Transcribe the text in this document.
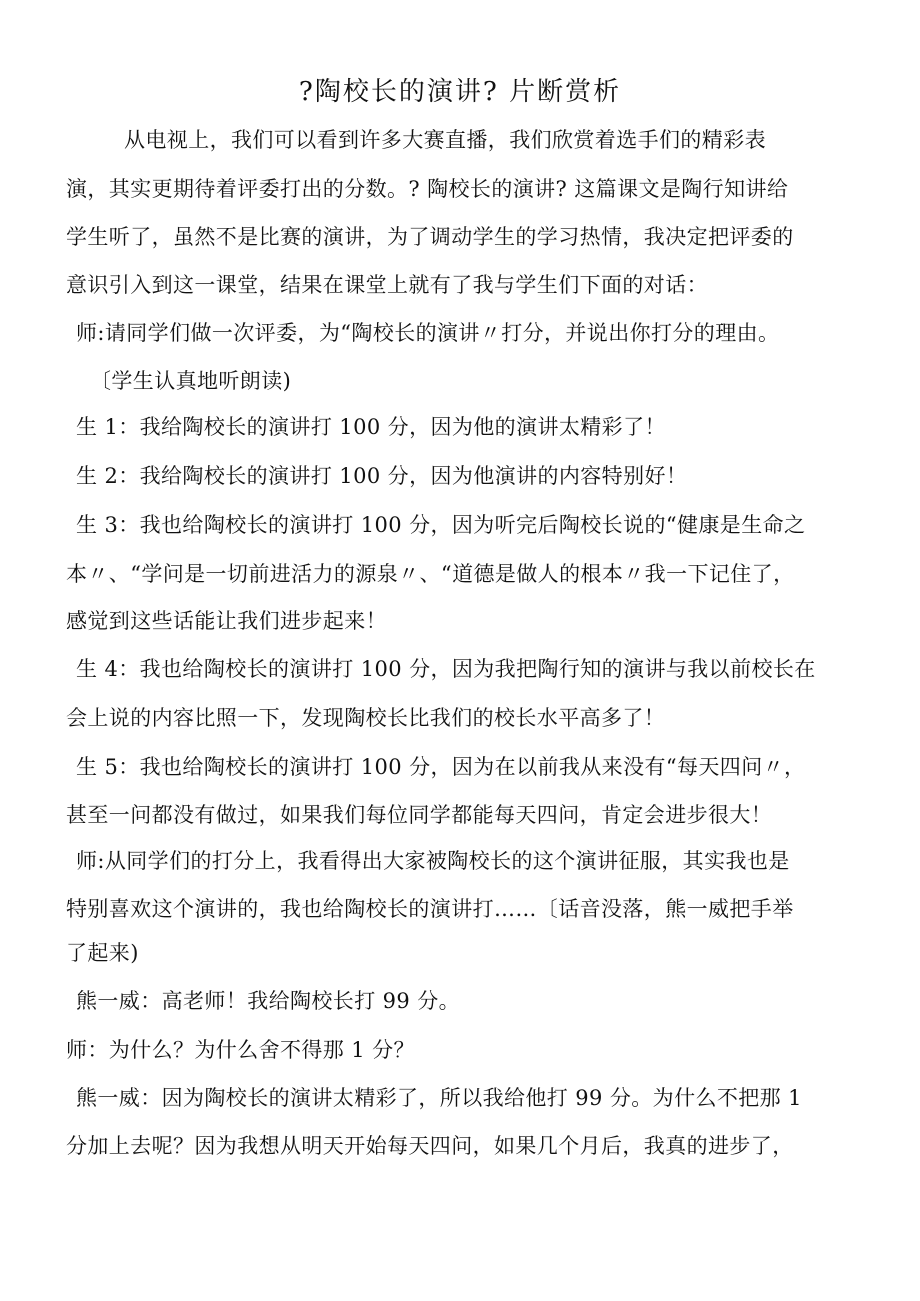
?陶校长的演讲? 片断赏析
从电视上，我们可以看到许多大赛直播，我们欣赏着选手们的精彩表
演，其实更期待着评委打出的分数。? 陶校长的演讲? 这篇课文是陶行知讲给
学生听了，虽然不是比赛的演讲，为了调动学生的学习热情，我决定把评委的
意识引入到这一课堂，结果在课堂上就有了我与学生们下面的对话：
师:请同学们做一次评委，为“陶校长的演讲〃打分，并说出你打分的理由。
〔学生认真地听朗读)
生 1：我给陶校长的演讲打 100 分，因为他的演讲太精彩了！
生 2：我给陶校长的演讲打 100 分，因为他演讲的内容特别好！
生 3：我也给陶校长的演讲打 100 分，因为听完后陶校长说的“健康是生命之
本〃、“学问是一切前进活力的源泉〃、“道德是做人的根本〃我一下记住了，
感觉到这些话能让我们进步起来！
生 4：我也给陶校长的演讲打 100 分，因为我把陶行知的演讲与我以前校长在
会上说的内容比照一下，发现陶校长比我们的校长水平高多了！
生 5：我也给陶校长的演讲打 100 分，因为在以前我从来没有“每天四问〃，
甚至一问都没有做过，如果我们每位同学都能每天四问，肯定会进步很大！
师:从同学们的打分上，我看得出大家被陶校长的这个演讲征服，其实我也是
特别喜欢这个演讲的，我也给陶校长的演讲打……〔话音没落，熊一威把手举
了起来)
熊一威：高老师！我给陶校长打 99 分。
师：为什么？为什么舍不得那 1 分？
熊一威：因为陶校长的演讲太精彩了，所以我给他打 99 分。为什么不把那 1
分加上去呢？因为我想从明天开始每天四问，如果几个月后，我真的进步了，
